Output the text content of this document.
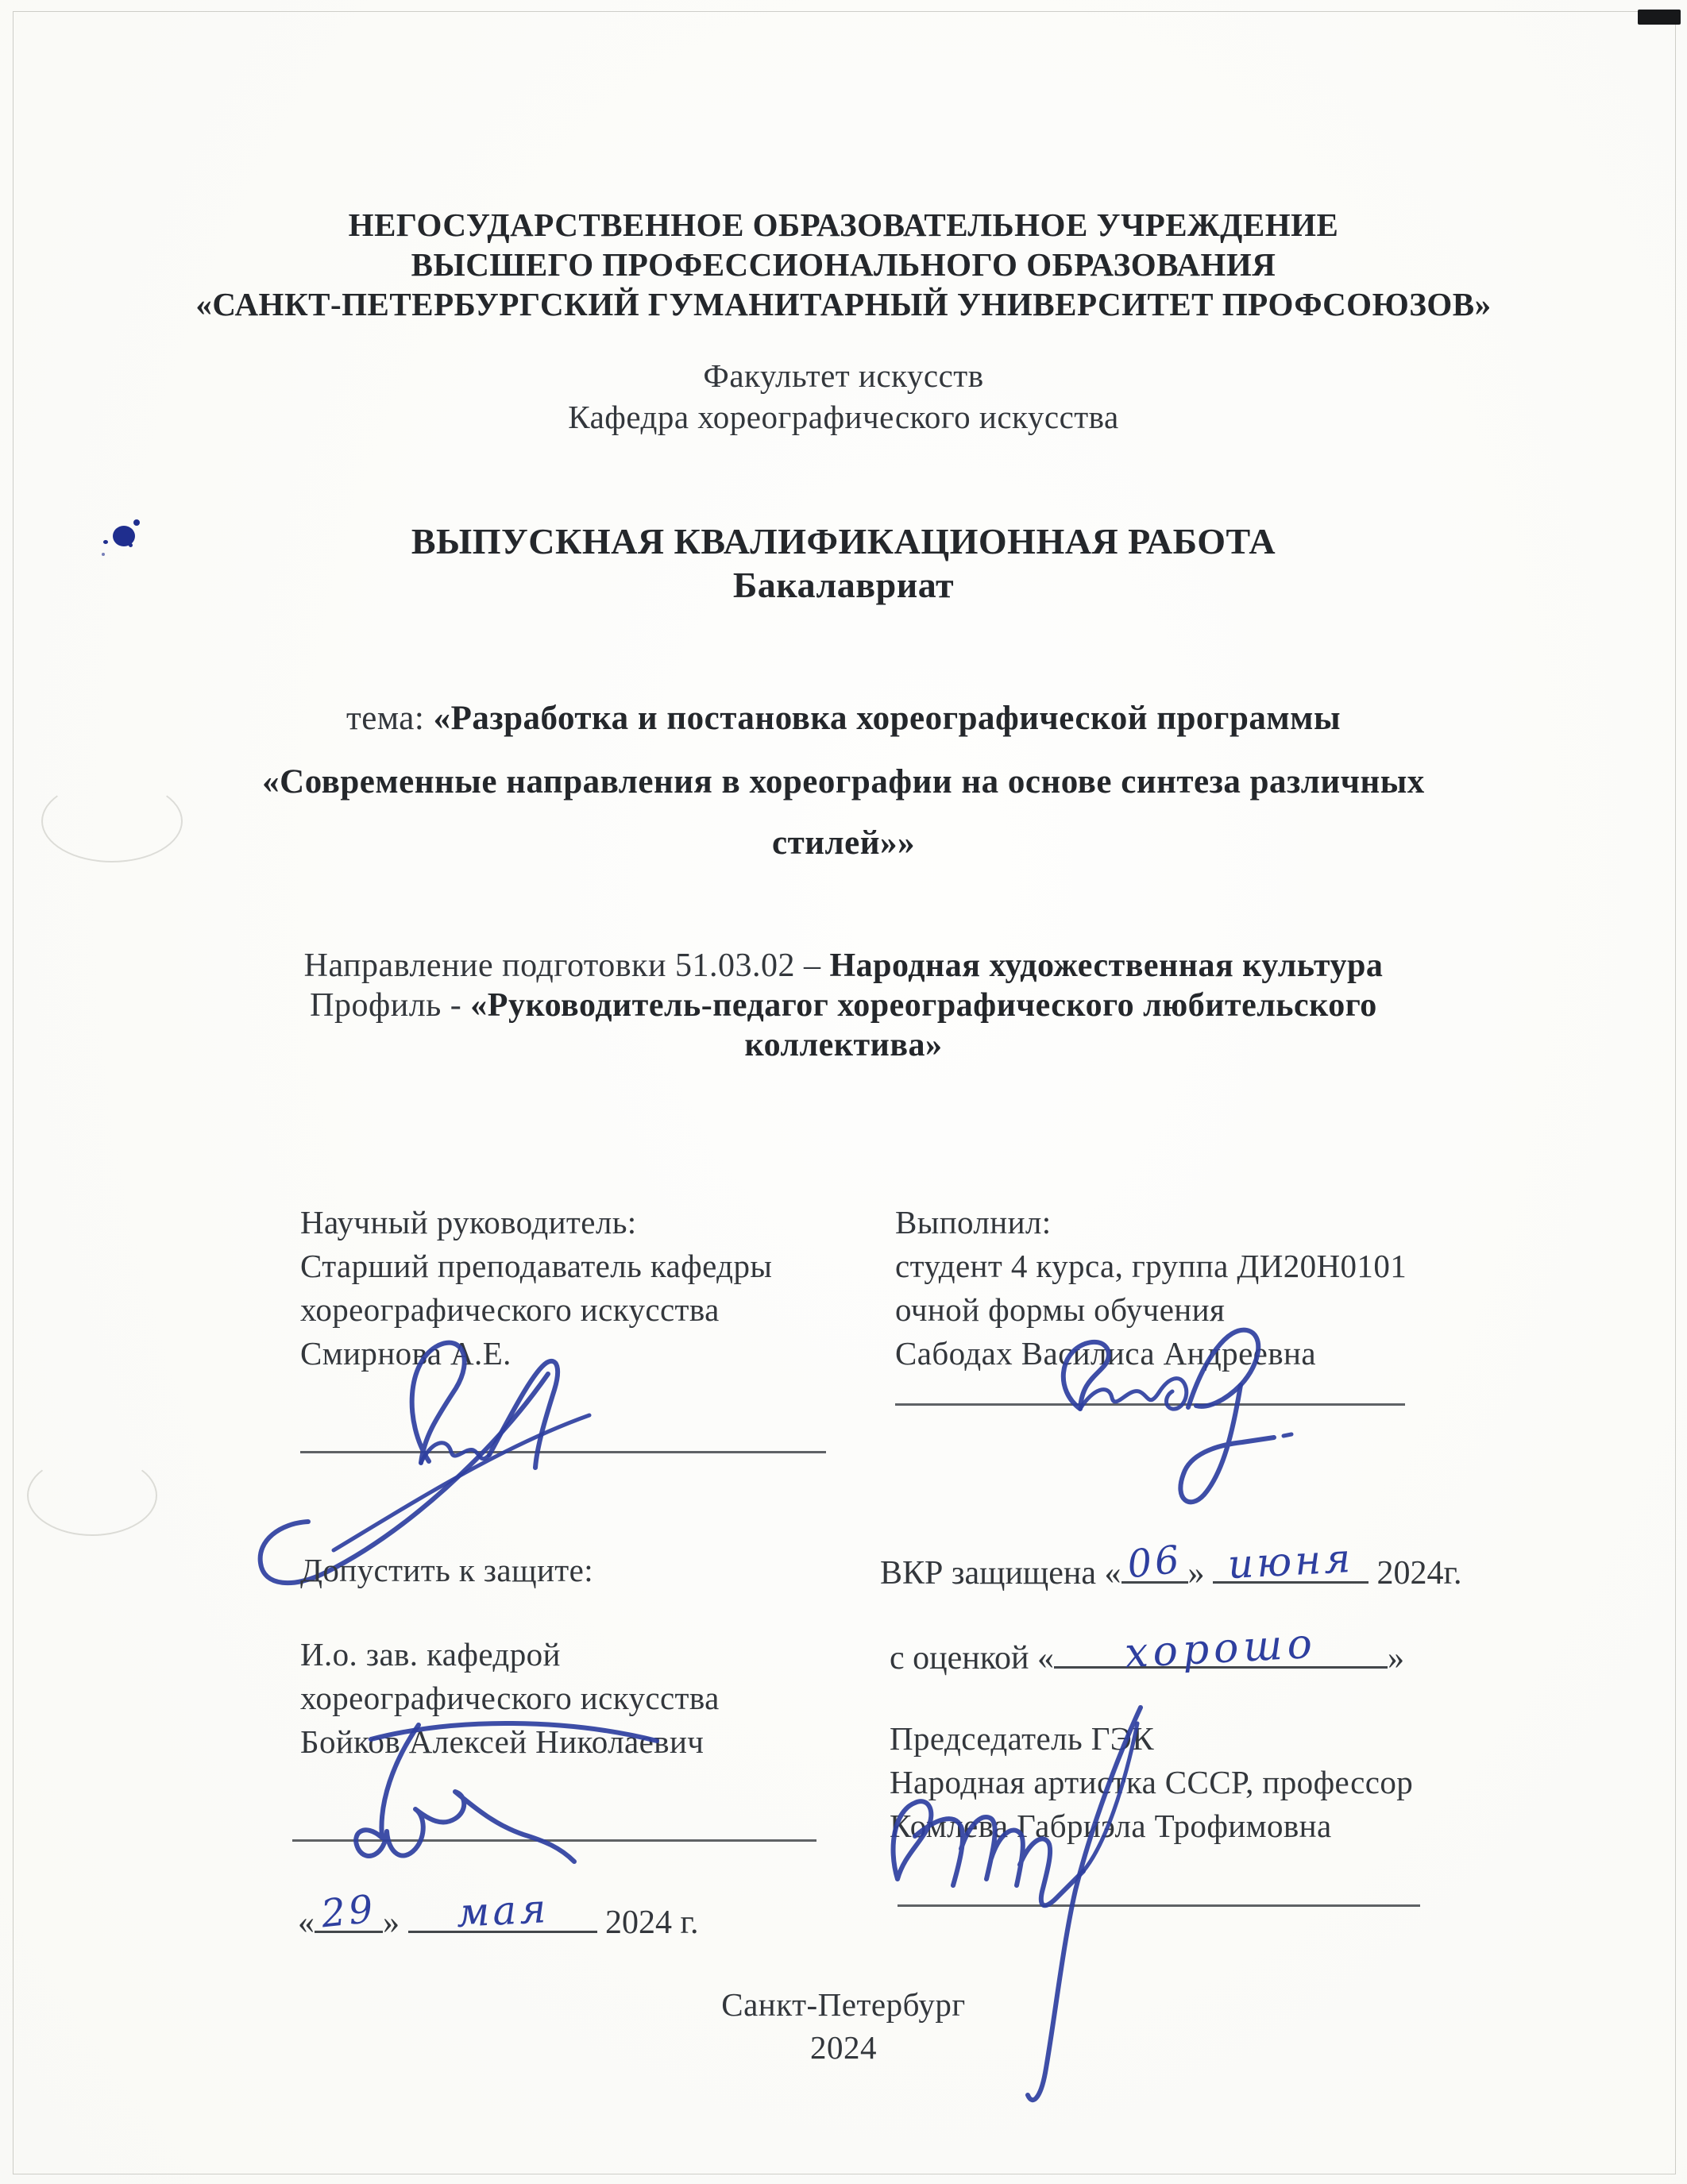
НЕГОСУДАРСТВЕННОЕ ОБРАЗОВАТЕЛЬНОЕ УЧРЕЖДЕНИЕ
ВЫСШЕГО ПРОФЕССИОНАЛЬНОГО ОБРАЗОВАНИЯ
«САНКТ-ПЕТЕРБУРГСКИЙ ГУМАНИТАРНЫЙ УНИВЕРСИТЕТ ПРОФСОЮЗОВ»
Факультет искусств
Кафедра хореографического искусства
ВЫПУСКНАЯ КВАЛИФИКАЦИОННАЯ РАБОТА
Бакалавриат
тема: «Разработка и постановка хореографической программы
«Современные направления в хореографии на основе синтеза различных
стилей»»
Направление подготовки 51.03.02 – Народная художественная культура
Профиль - «Руководитель-педагог хореографического любительского
коллектива»
Научный руководитель:
Старший преподаватель кафедры
хореографического искусства
Смирнова А.Е.
Выполнил:
студент 4 курса, группа ДИ20Н0101
очной формы обучения
Сабодах Василиса Андреевна
Допустить к защите:
И.о. зав. кафедрой
хореографического искусства
Бойков Алексей Николаевич
ВКР защищена « 06 » июня 2024г.
с оценкой « хорошо »
Председатель ГЭК
Народная артистка СССР, профессор
Комлева Габриэла Трофимовна
« 29 » мая 2024 г.
Санкт-Петербург
2024
